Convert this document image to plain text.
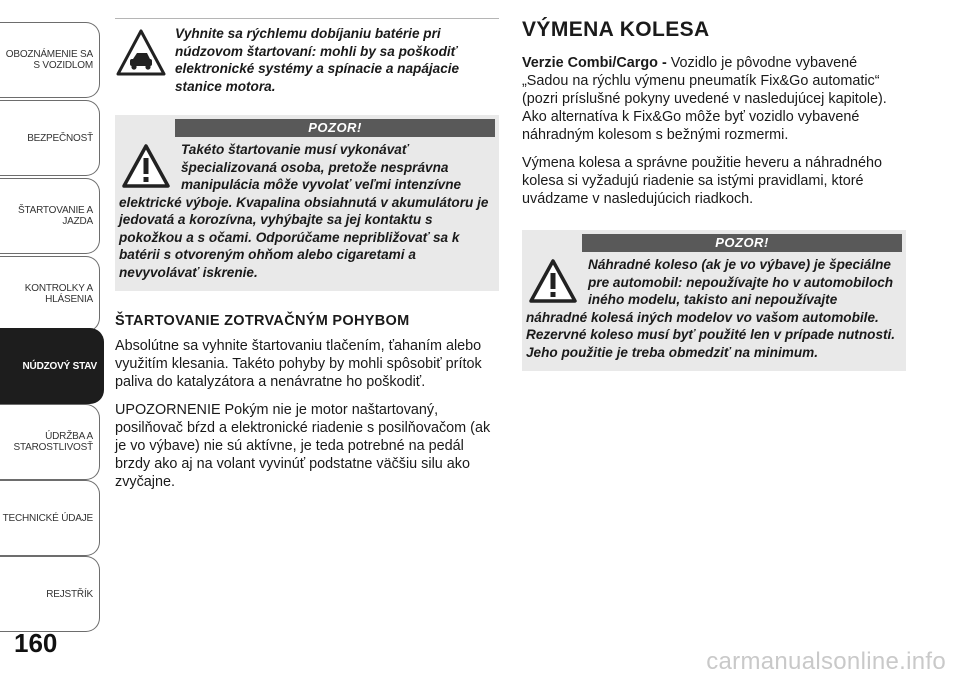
OBOZNÁMENIE SA
S VOZIDLOM
BEZPEČNOSŤ
ŠTARTOVANIE A
JAZDA
KONTROLKY A
HLÁSENIA
NÚDZOVÝ STAV
ÚDRŽBA A
STAROSTLIVOSŤ
TECHNICKÉ ÚDAJE
REJSTŘÍK
160
Vyhnite sa rýchlemu dobíjaniu batérie pri núdzovom štartovaní: mohli by sa poškodiť elektronické systémy a spínacie a napájacie stanice motora.
POZOR!
Takéto štartovanie musí vykonávať špecializovaná osoba, pretože nesprávna manipulácia môže vyvolať veľmi intenzívne elektrické výboje. Kvapalina obsiahnutá v akumulátoru je jedovatá a korozívna, vyhýbajte sa jej kontaktu s pokožkou a s očami. Odporúčame nepribližovať sa k batérii s otvoreným ohňom alebo cigaretami a nevyvolávať iskrenie.
ŠTARTOVANIE ZOTRVAČNÝM POHYBOM

Absolútne sa vyhnite štartovaniu tlačením, ťahaním alebo využitím klesania. Takéto pohyby by mohli spôsobiť prítok paliva do katalyzátora a nenávratne ho poškodiť.

UPOZORNENIE Pokým nie je motor naštartovaný, posilňovač bŕzd a elektronické riadenie s posilňovačom (ak je vo výbave) nie sú aktívne, je teda potrebné na pedál brzdy ako aj na volant vyvinúť podstatne väčšiu silu ako zvyčajne.

VÝMENA KOLESA

Verzie Combi/Cargo - Vozidlo je pôvodne vybavené „Sadou na rýchlu výmenu pneumatík Fix&Go automatic“ (pozri príslušné pokyny uvedené v nasledujúcej kapitole). Ako alternatíva k Fix&Go môže byť vozidlo vybavené náhradným kolesom s bežnými rozmermi.

Výmena kolesa a správne použitie heveru a náhradného kolesa si vyžadujú riadenie sa istými pravidlami, ktoré uvádzame v nasledujúcich riadkoch.

POZOR!
Náhradné koleso (ak je vo výbave) je špeciálne pre automobil: nepoužívajte ho v automobiloch iného modelu, takisto ani nepoužívajte náhradné kolesá iných modelov vo vašom automobile. Rezervné koleso musí byť použité len v prípade nutnosti. Jeho použitie je treba obmedziť na minimum.
carmanualsonline.info
